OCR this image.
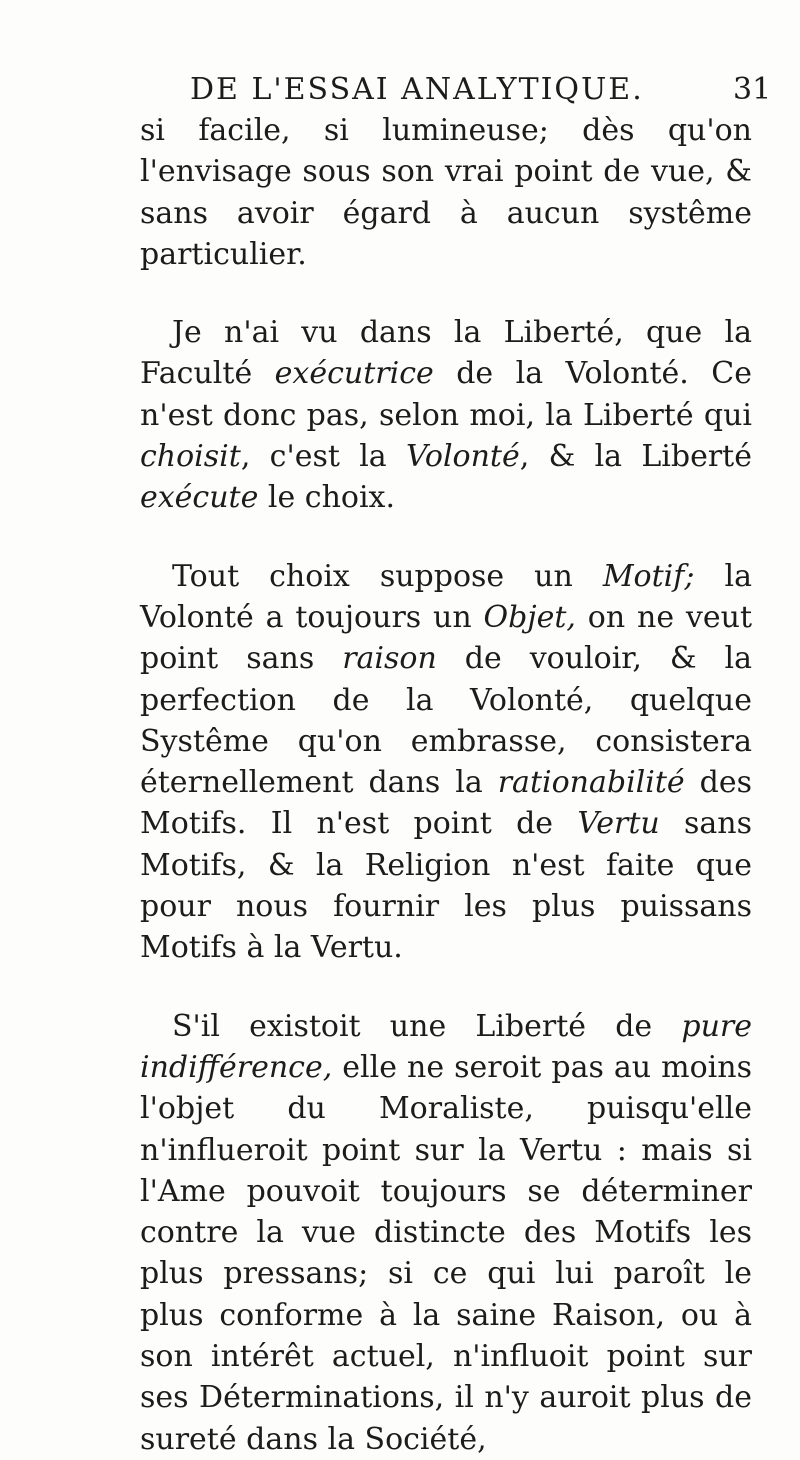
DE L'ESSAI ANALYTIQUE.	31

si facile, si lumineuse; dès qu'on l'envisage sous son vrai point de vue, & sans avoir égard à aucun systême particulier.

Je n'ai vu dans la Liberté, que la Faculté exécutrice de la Volonté. Ce n'est donc pas, selon moi, la Liberté qui choisit, c'est la Volonté, & la Liberté exécute le choix.

Tout choix suppose un Motif; la Volonté a toujours un Objet, on ne veut point sans raison de vouloir, & la perfection de la Volonté, quelque Systême qu'on embrasse, consistera éternellement dans la rationabilité des Motifs. Il n'est point de Vertu sans Motifs, & la Religion n'est faite que pour nous fournir les plus puissans Motifs à la Vertu.

S'il existoit une Liberté de pure indifférence, elle ne seroit pas au moins l'objet du Moraliste, puisqu'elle n'influeroit point sur la Vertu : mais si l'Ame pouvoit toujours se déterminer contre la vue distincte des Motifs les plus pressans; si ce qui lui paroît le plus conforme à la saine Raison, ou à son intérêt actuel, n'influoit point sur ses Déterminations, il n'y auroit plus de sureté dans la Société,
